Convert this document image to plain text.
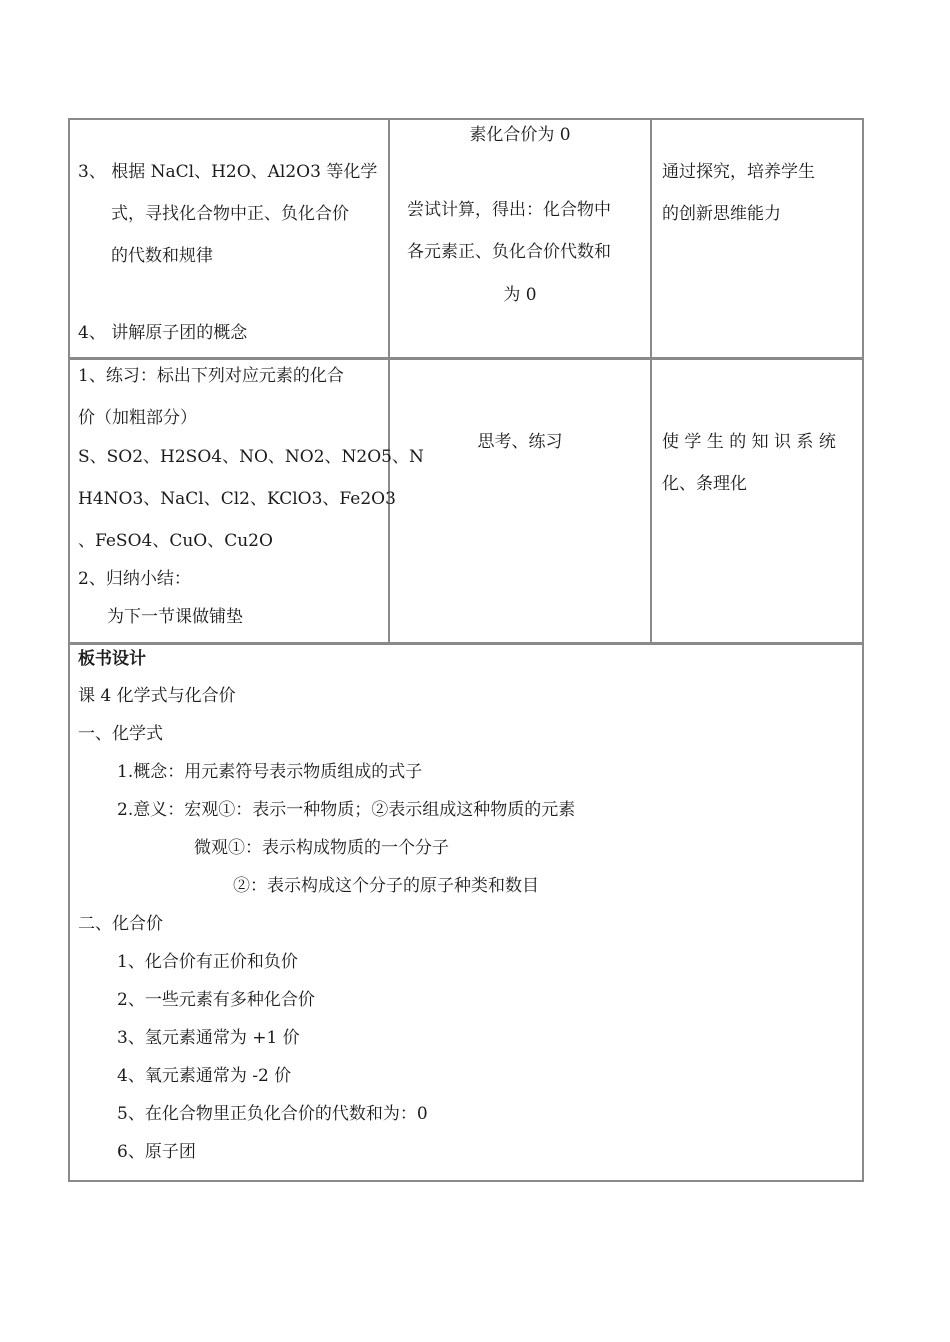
3、 根据 NaCl、H2O、Al2O3 等化学
式，寻找化合物中正、负化合价
的代数和规律
4、 讲解原子团的概念
素化合价为 0
尝试计算，得出：化合物中
各元素正、负化合价代数和
为 0
通过探究，培养学生
的创新思维能力
1、练习：标出下列对应元素的化合
价（加粗部分）
S、SO2、H2SO4、NO、NO2、N2O5、N
H4NO3、NaCl、Cl2、KClO3、Fe2O3
、FeSO4、CuO、Cu2O
2、归纳小结：
为下一节课做铺垫
思考、练习	使 学 生 的 知 识 系 统
化、条理化
板书设计
课 4 化学式与化合价
一、化学式
1.概念：用元素符号表示物质组成的式子
2.意义：宏观①：表示一种物质；②表示组成这种物质的元素
微观①：表示构成物质的一个分子
②：表示构成这个分子的原子种类和数目
二、化合价
1、化合价有正价和负价
2、一些元素有多种化合价
3、氢元素通常为 +1 价
4、氧元素通常为 -2 价
5、在化合物里正负化合价的代数和为：0
6、原子团
